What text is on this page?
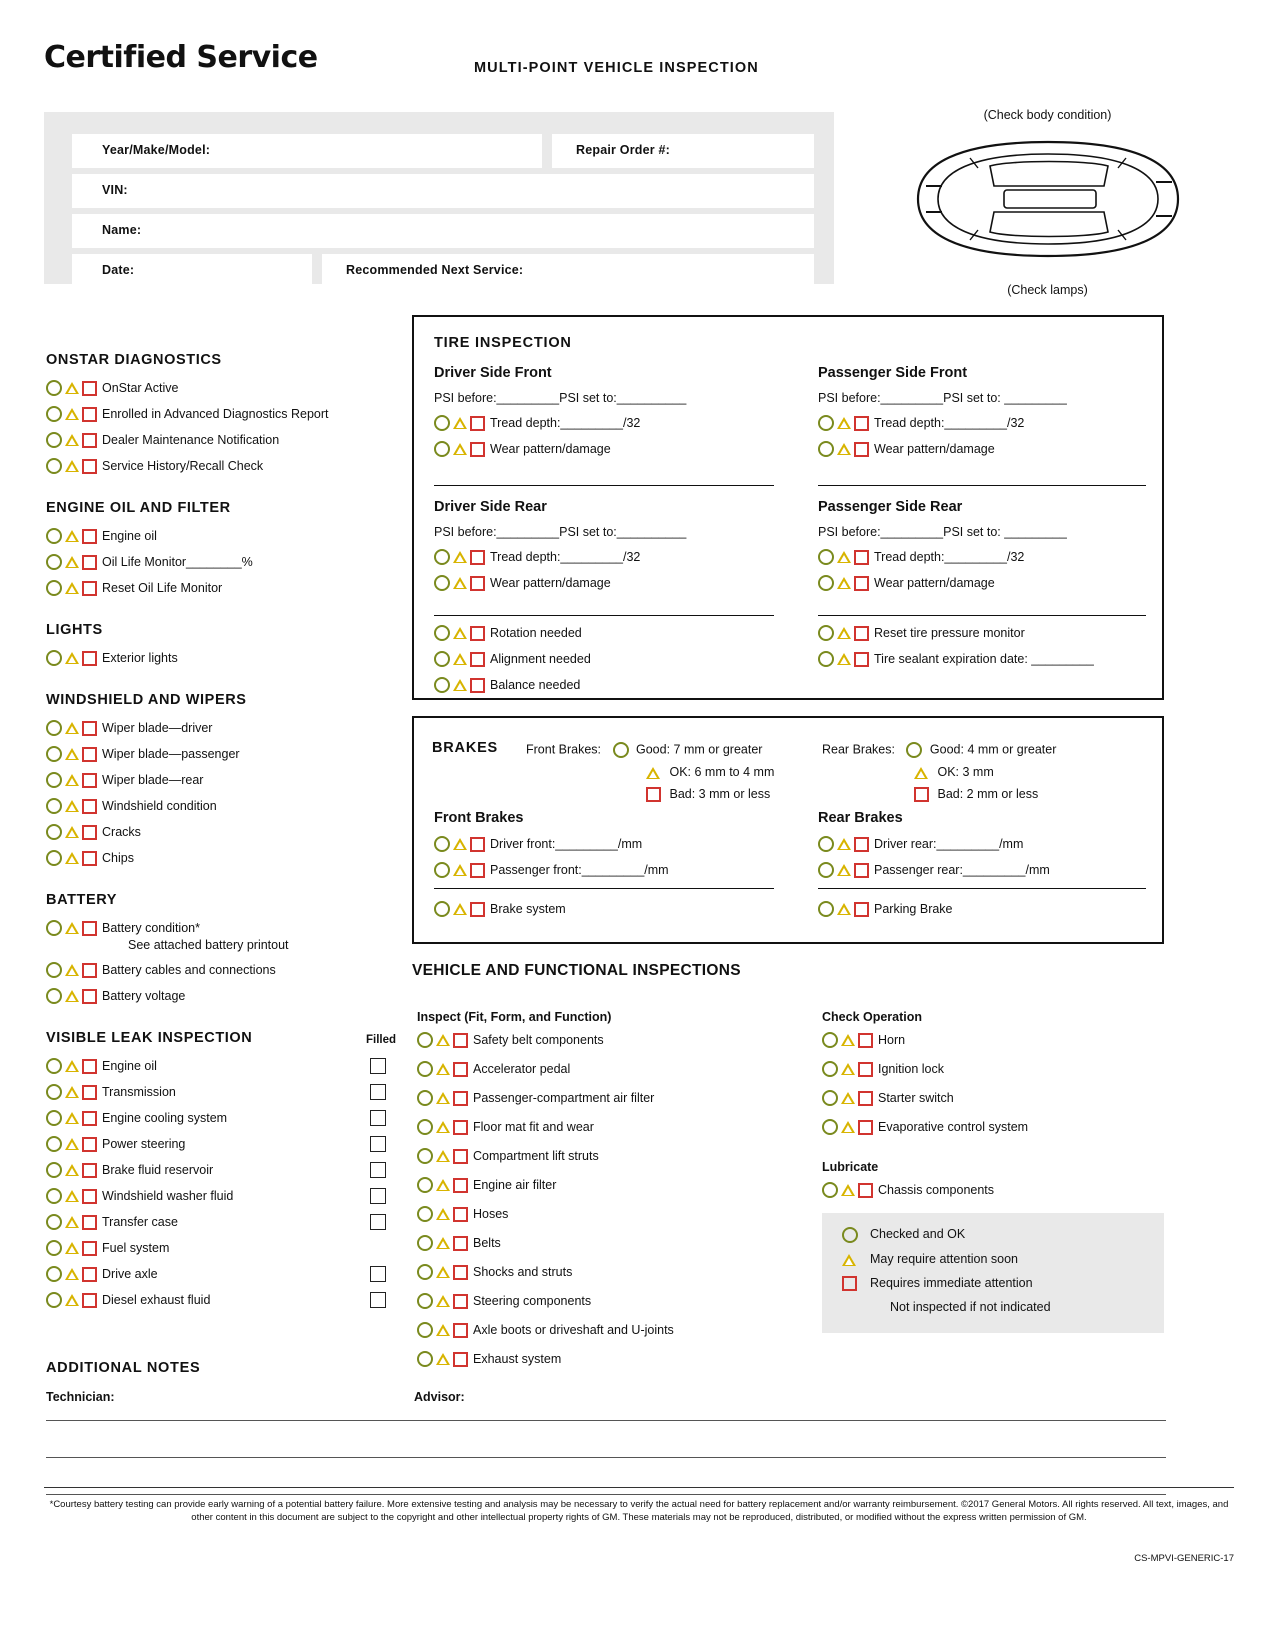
Certified Service	MULTI-POINT VEHICLE INSPECTION
Year/Make/Model:	Repair Order #:
VIN:
Name:
Date:	Recommended Next Service:
(Check body condition)
(Check lamps)
ONSTAR DIAGNOSTICS
OnStar Active
Enrolled in Advanced Diagnostics Report
Dealer Maintenance Notification
Service History/Recall Check
ENGINE OIL AND FILTER
Engine oil
Oil Life Monitor________%
Reset Oil Life Monitor
LIGHTS
Exterior lights
WINDSHIELD AND WIPERS
Wiper blade—driver
Wiper blade—passenger
Wiper blade—rear
Windshield condition
Cracks
Chips
BATTERY
Battery condition*
See attached battery printout
Battery cables and connections
Battery voltage
VISIBLE LEAK INSPECTION	Filled
Engine oil
Transmission
Engine cooling system
Power steering
Brake fluid reservoir
Windshield washer fluid
Transfer case
Fuel system
Drive axle
Diesel exhaust fluid
TIRE INSPECTION
Driver Side Front
PSI before:_________PSI set to:__________
Tread depth:_________/32
Wear pattern/damage
Passenger Side Front
PSI before:_________PSI set to: _________
Tread depth:_________/32
Wear pattern/damage
Driver Side Rear
PSI before:_________PSI set to:__________
Tread depth:_________/32
Wear pattern/damage
Passenger Side Rear
PSI before:_________PSI set to: _________
Tread depth:_________/32
Wear pattern/damage
Rotation needed
Alignment needed
Balance needed
Reset tire pressure monitor
Tire sealant expiration date: _________
BRAKES Front Brakes:	Good: 7 mm or greater
OK: 6 mm to 4 mm
Bad: 3 mm or less
Rear Brakes:	Good: 4 mm or greater
OK: 3 mm
Bad: 2 mm or less
Front Brakes
Driver front:_________/mm
Passenger front:_________/mm
Rear Brakes
Driver rear:_________/mm
Passenger rear:_________/mm
Brake system	Parking Brake
VEHICLE AND FUNCTIONAL INSPECTIONS
Inspect (Fit, Form, and Function)
Safety belt components
Accelerator pedal
Passenger-compartment air filter
Floor mat fit and wear
Compartment lift struts
Engine air filter
Hoses
Belts
Shocks and struts
Steering components
Axle boots or driveshaft and U-joints
Exhaust system
Check Operation
Horn
Ignition lock
Starter switch
Evaporative control system
Lubricate
Chassis components
Checked and OK
May require attention soon
Requires immediate attention
Not inspected if not indicated
ADDITIONAL NOTES
Technician:	Advisor:
*Courtesy battery testing can provide early warning of a potential battery failure. More extensive testing and analysis may be necessary to verify the actual need for battery replacement and/or warranty reimbursement. ©2017 General Motors. All rights reserved. All text, images, and other content in this document are subject to the copyright and other intellectual property rights of GM. These materials may not be reproduced, distributed, or modified without the express written permission of GM.
CS-MPVI-GENERIC-17
